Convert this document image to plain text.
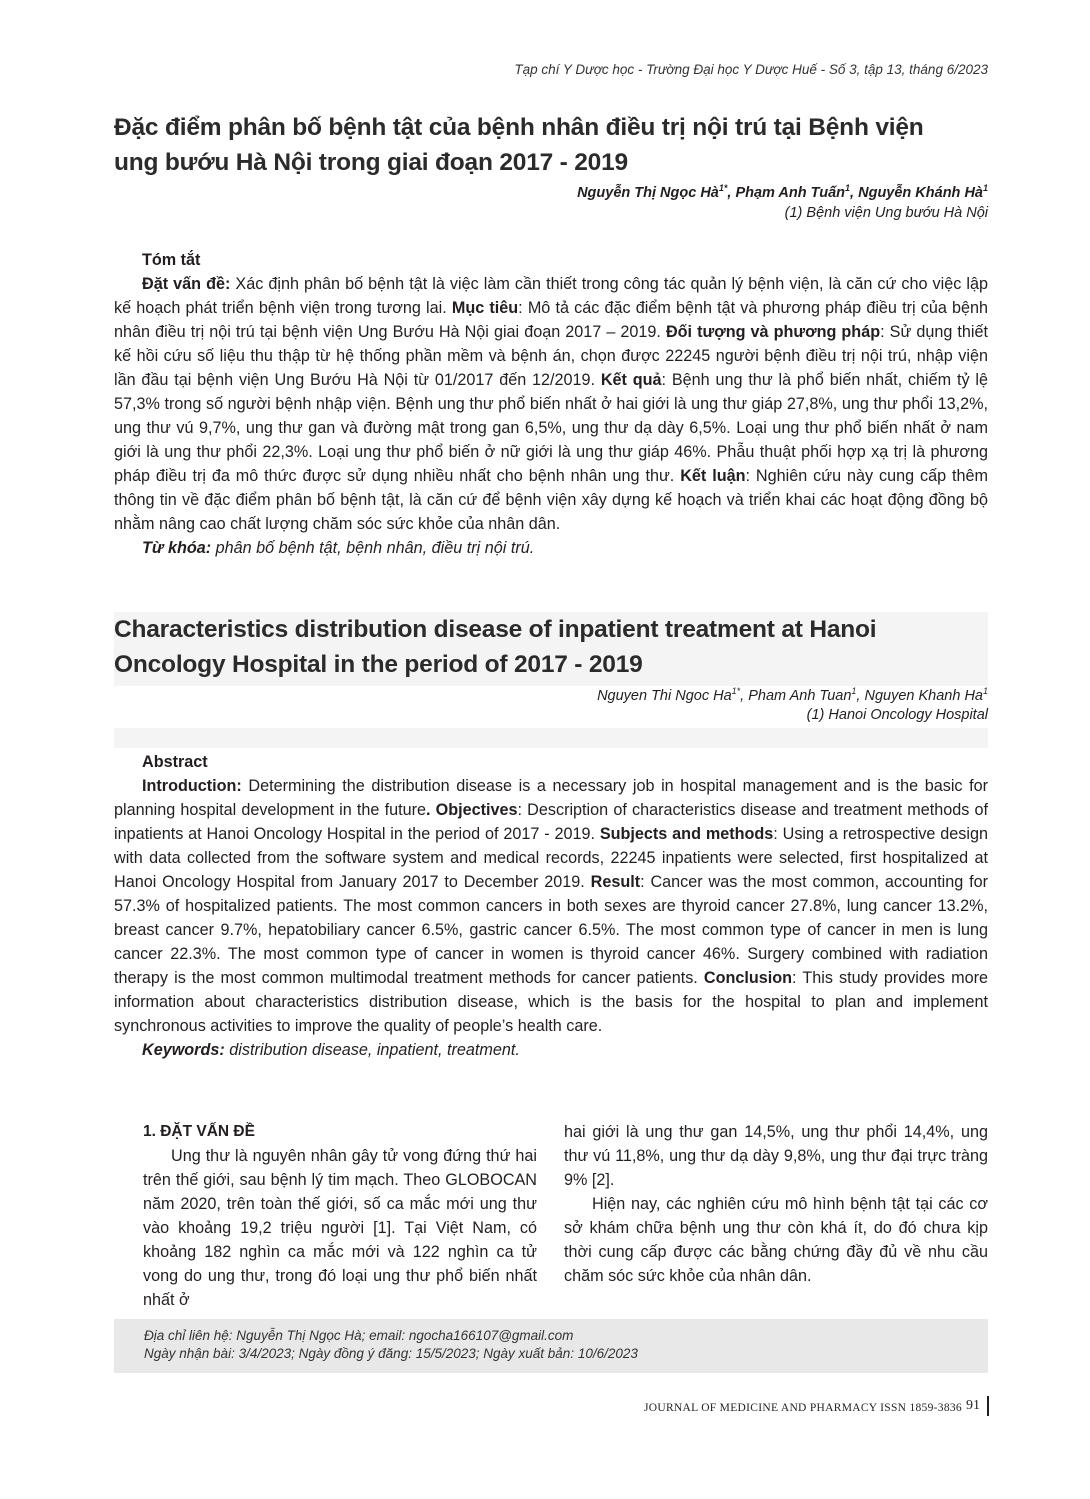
Tạp chí Y Dược học - Trường Đại học Y Dược Huế - Số 3, tập 13, tháng 6/2023
Đặc điểm phân bố bệnh tật của bệnh nhân điều trị nội trú tại Bệnh viện
ung bướu Hà Nội trong giai đoạn 2017 - 2019
Nguyễn Thị Ngọc $Hà^{1*}$, Phạm Anh Tuấn$^1$, Nguyễn Khánh $Hà^1$
(1) Bệnh viện Ung bướu Hà Nội

Tóm tắt

Đặt vấn đề: Xác định phân bố bệnh tật là việc làm cần thiết trong công tác quản lý bệnh viện, là căn cứ cho việc lập kế hoạch phát triển bệnh viện trong tương lai. Mục tiêu: Mô tả các đặc điểm bệnh tật và phương pháp điều trị của bệnh nhân điều trị nội trú tại bệnh viện Ung Bướu Hà Nội giai đoạn 2017 – 2019. Đối tượng và phương pháp: Sử dụng thiết kế hồi cứu số liệu thu thập từ hệ thống phần mềm và bệnh án, chọn được 22245 người bệnh điều trị nội trú, nhập viện lần đầu tại bệnh viện Ung Bướu Hà Nội từ 01/2017 đến 12/2019. Kết quả: Bệnh ung thư là phổ biến nhất, chiếm tỷ lệ 57,3% trong số người bệnh nhập viện. Bệnh ung thư phổ biến nhất ở hai giới là ung thư giáp 27,8%, ung thư phổi 13,2%, ung thư vú 9,7%, ung thư gan và đường mật trong gan 6,5%, ung thư dạ dày 6,5%. Loại ung thư phổ biến nhất ở nam giới là ung thư phổi 22,3%. Loại ung thư phổ biến ở nữ giới là ung thư giáp 46%. Phẫu thuật phối hợp xạ trị là phương pháp điều trị đa mô thức được sử dụng nhiều nhất cho bệnh nhân ung thư. Kết luận: Nghiên cứu này cung cấp thêm thông tin về đặc điểm phân bố bệnh tật, là căn cứ để bệnh viện xây dựng kế hoạch và triển khai các hoạt động đồng bộ nhằm nâng cao chất lượng chăm sóc sức khỏe của nhân dân.

Từ khóa: phân bố bệnh tật, bệnh nhân, điều trị nội trú.

Characteristics distribution disease of inpatient treatment at Hanoi
Oncology Hospital in the period of 2017 - 2019
Nguyen Thi Ngoc $Ha^{1*}$, Pham Anh Tuan$^1$, Nguyen Khanh Ha$^1$
(1) Hanoi Oncology Hospital

Abstract

Introduction: Determining the distribution disease is a necessary job in hospital management and is the basic for planning hospital development in the future. Objectives: Description of characteristics disease and treatment methods of inpatients at Hanoi Oncology Hospital in the period of 2017 - 2019. Subjects and methods: Using a retrospective design with data collected from the software system and medical records, 22245 inpatients were selected, first hospitalized at Hanoi Oncology Hospital from January 2017 to December 2019. Result: Cancer was the most common, accounting for 57.3% of hospitalized patients. The most common cancers in both sexes are thyroid cancer 27.8%, lung cancer 13.2%, breast cancer 9.7%, hepatobiliary cancer 6.5%, gastric cancer 6.5%. The most common type of cancer in men is lung cancer 22.3%. The most common type of cancer in women is thyroid cancer 46%. Surgery combined with radiation therapy is the most common multimodal treatment methods for cancer patients. Conclusion: This study provides more information about characteristics distribution disease, which is the basis for the hospital to plan and implement synchronous activities to improve the quality of people’s health care.

Keywords: distribution disease, inpatient, treatment.

1. ĐẶT VẤN ĐỀ

Ung thư là nguyên nhân gây tử vong đứng thứ hai trên thế giới, sau bệnh lý tim mạch. Theo GLOBOCAN năm 2020, trên toàn thế giới, số ca mắc mới ung thư vào khoảng 19,2 triệu người [1]. Tại Việt Nam, có khoảng 182 nghìn ca mắc mới và 122 nghìn ca tử vong do ung thư, trong đó loại ung thư phổ biến nhất nhất ở

hai giới là ung thư gan 14,5%, ung thư phổi 14,4%, ung thư vú 11,8%, ung thư dạ dày 9,8%, ung thư đại trực tràng 9% [2].

Hiện nay, các nghiên cứu mô hình bệnh tật tại các cơ sở khám chữa bệnh ung thư còn khá ít, do đó chưa kịp thời cung cấp được các bằng chứng đầy đủ về nhu cầu chăm sóc sức khỏe của nhân dân.

Địa chỉ liên hệ: Nguyễn Thị Ngọc Hà; email: ngocha166107@gmail.com
Ngày nhận bài: 3/4/2023; Ngày đồng ý đăng: 15/5/2023; Ngày xuất bản: 10/6/2023
JOURNAL OF MEDICINE AND PHARMACY ISSN 1859-3836 91
